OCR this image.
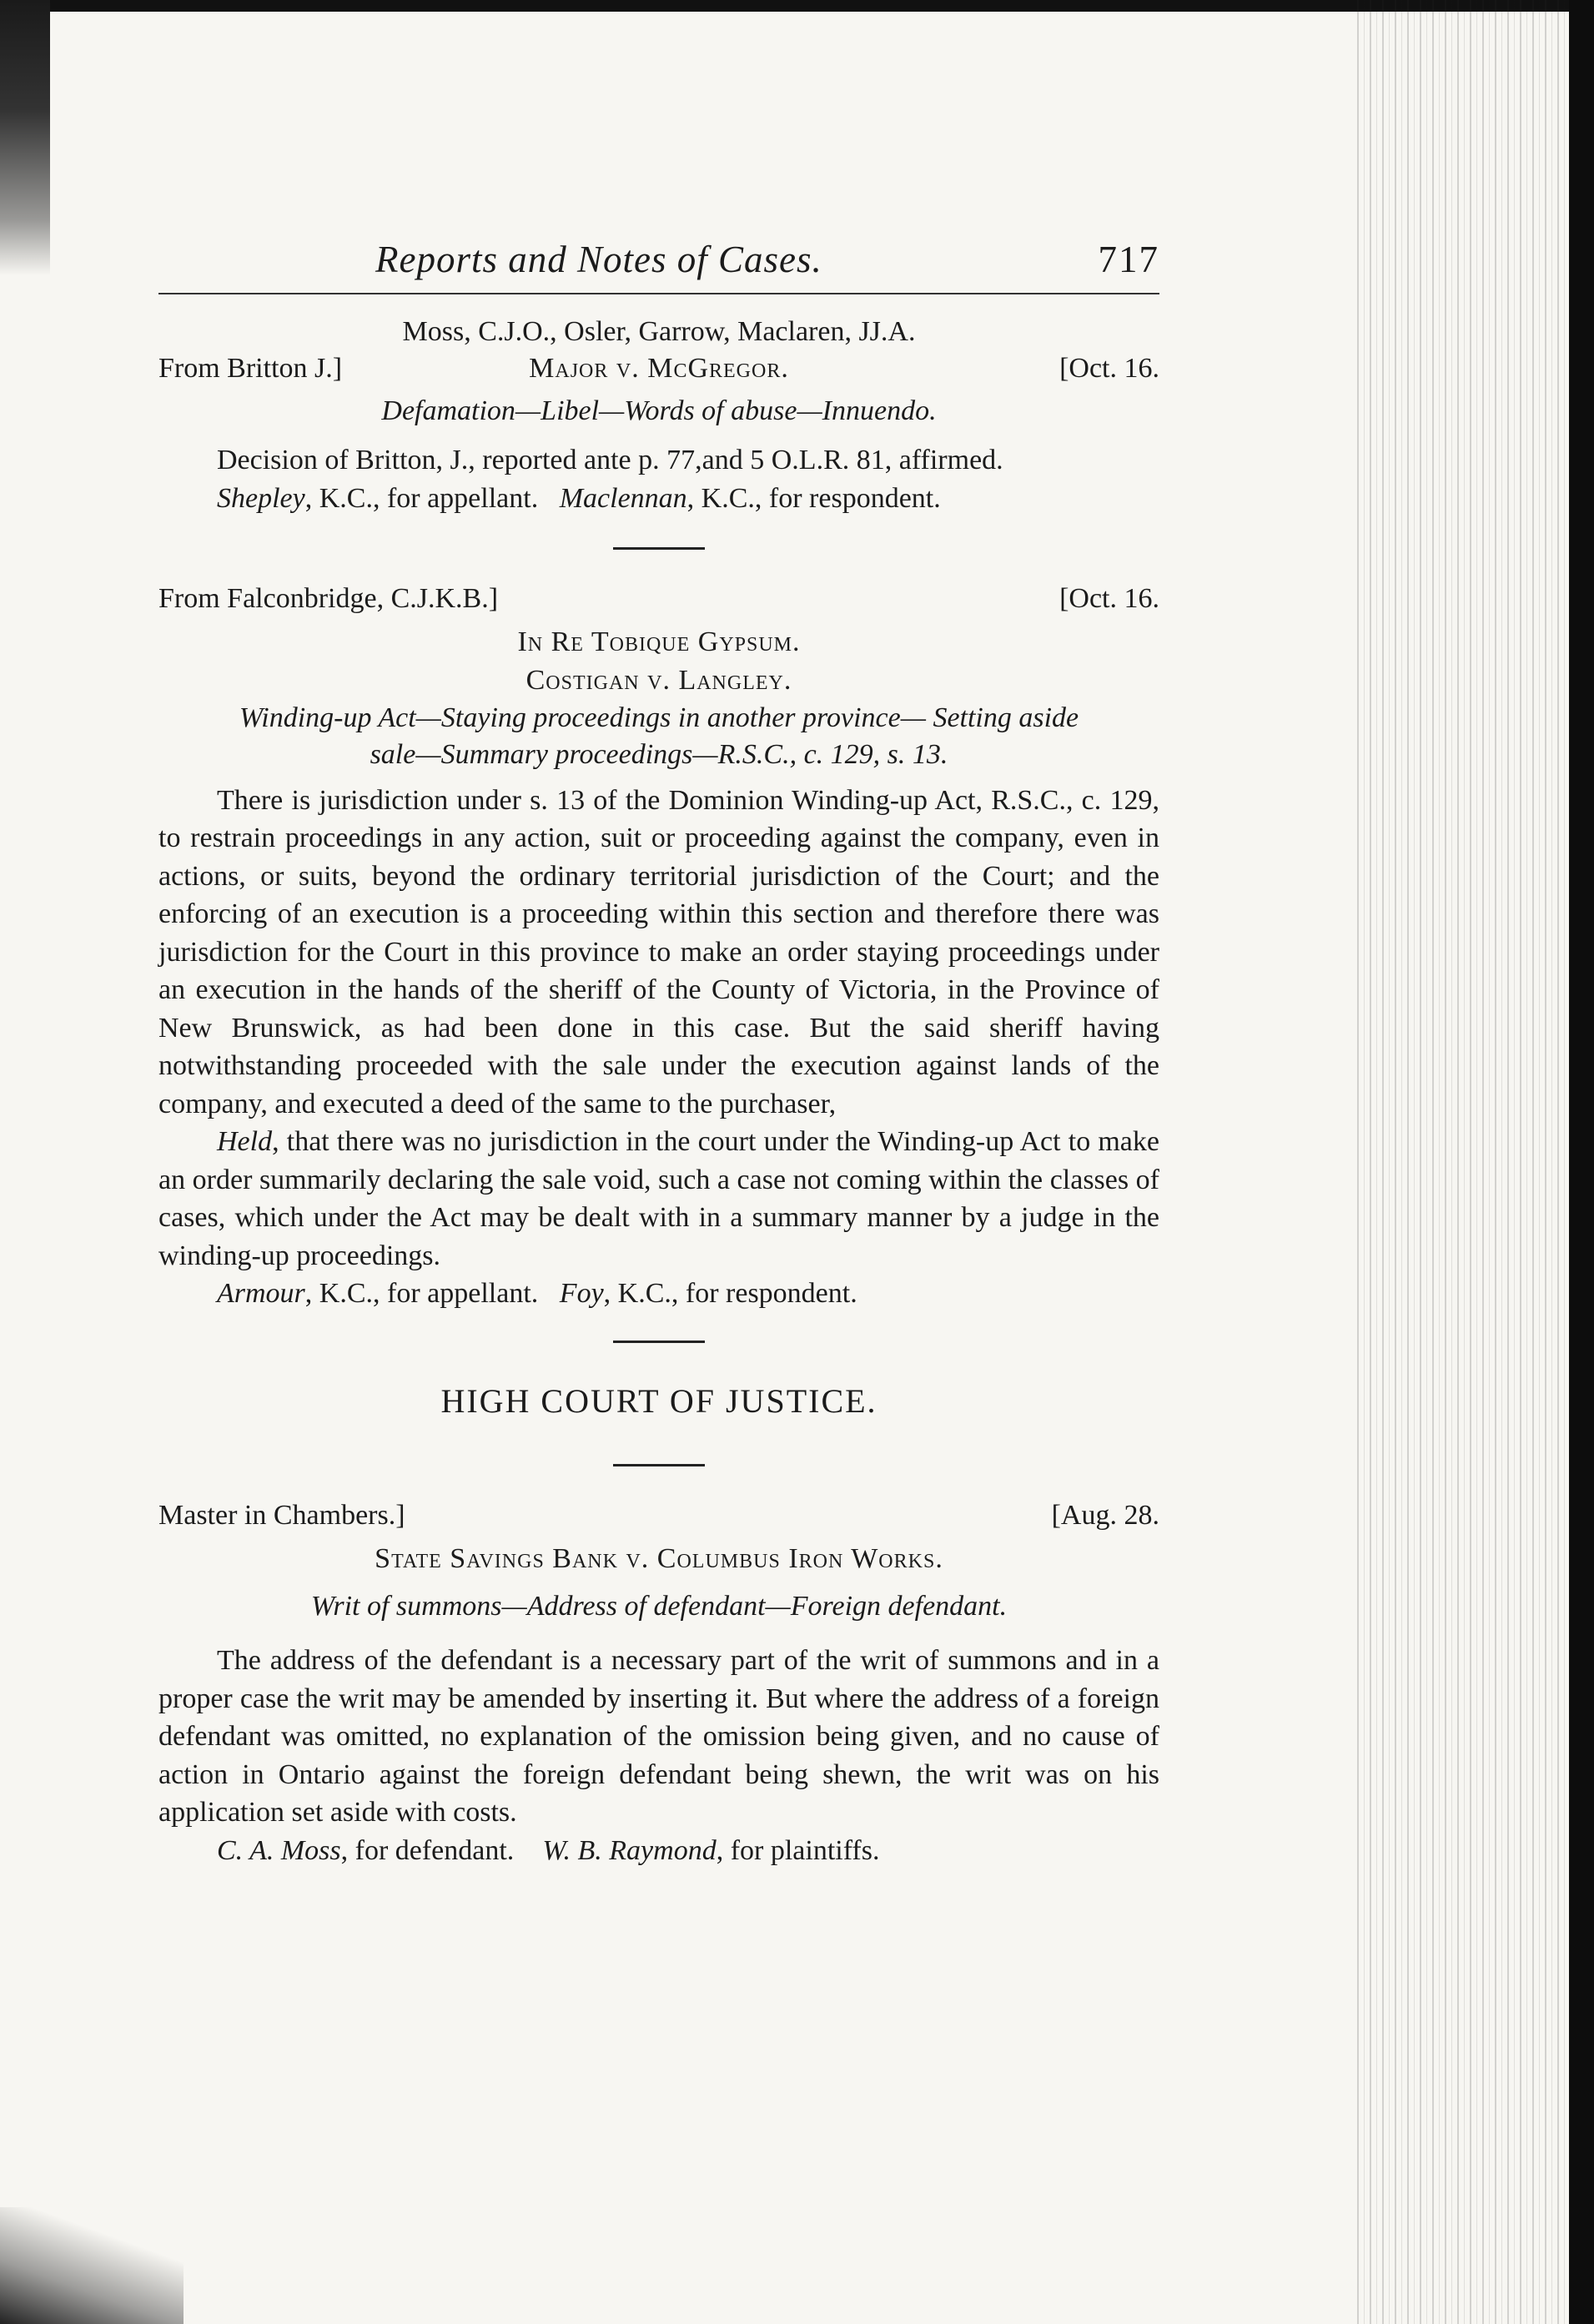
Reports and Notes of Cases.	717
Moss, C.J.O., Osler, Garrow, Maclaren, JJ.A.
From Britton J.]	Major v. McGregor.	[Oct. 16.
Defamation—Libel—Words of abuse—Innuendo.

Decision of Britton, J., reported ante p. 77,and 5 O.L.R. 81, affirmed.

Shepley, K.C., for appellant. Maclennan, K.C., for respondent.
From Falconbridge, C.J.K.B.]	[Oct. 16.
In Re Tobique Gypsum.
Costigan v. Langley.
Winding-up Act—Staying proceedings in another province— Setting aside
sale—Summary proceedings—R.S.C., c. 129, s. 13.

There is jurisdiction under s. 13 of the Dominion Winding-up Act, R.S.C., c. 129, to restrain proceedings in any action, suit or proceeding against the company, even in actions, or suits, beyond the ordinary territorial jurisdiction of the Court; and the enforcing of an execution is a proceeding within this section and therefore there was jurisdiction for the Court in this province to make an order staying proceedings under an execution in the hands of the sheriff of the County of Victoria, in the Province of New Brunswick, as had been done in this case. But the said sheriff having notwithstanding proceeded with the sale under the execution against lands of the company, and executed a deed of the same to the purchaser,

Held, that there was no jurisdiction in the court under the Winding-up Act to make an order summarily declaring the sale void, such a case not coming within the classes of cases, which under the Act may be dealt with in a summary manner by a judge in the winding-up proceedings.

Armour, K.C., for appellant. Foy, K.C., for respondent.
HIGH COURT OF JUSTICE.
Master in Chambers.]	[Aug. 28.
State Savings Bank v. Columbus Iron Works.
Writ of summons—Address of defendant—Foreign defendant.

The address of the defendant is a necessary part of the writ of summons and in a proper case the writ may be amended by inserting it. But where the address of a foreign defendant was omitted, no explanation of the omission being given, and no cause of action in Ontario against the foreign defendant being shewn, the writ was on his application set aside with costs.

C. A. Moss, for defendant. W. B. Raymond, for plaintiffs.
